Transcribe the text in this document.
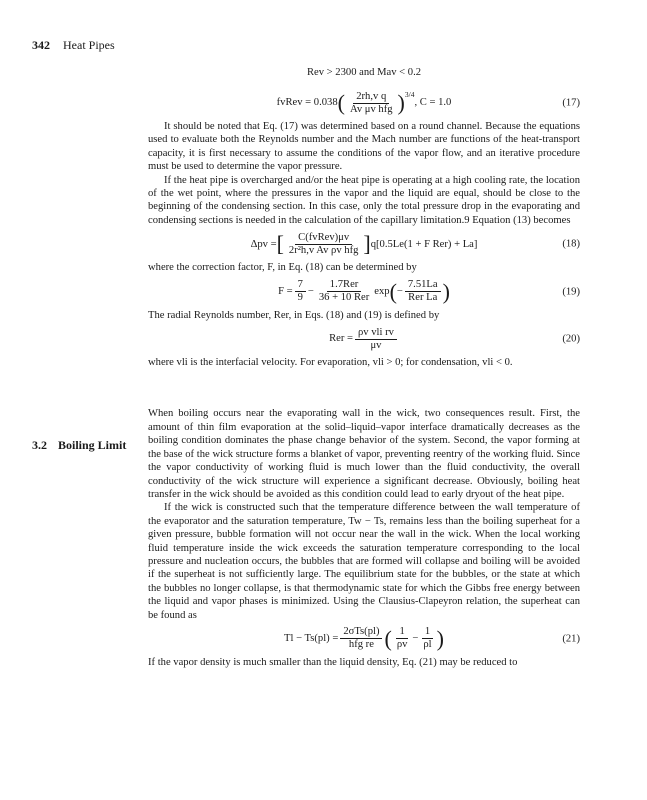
342 Heat Pipes
Rev > 2300 and Mav < 0.2
fvRev = 0.038 ( $\frac{\text{2rh,v q}}{\text{Av μv hfg}} )^{3/4}$
, C = 1.0	(17)

It should be noted that Eq. (17) was determined based on a round channel. Because the equations used to evaluate both the Reynolds number and the Mach number are functions of the heat-transport capacity, it is first necessary to assume the conditions of the vapor flow, and an iterative procedure must be used to determine the vapor pressure.

If the heat pipe is overcharged and/or the heat pipe is operating at a high cooling rate, the location of the wet point, where the pressures in the vapor and the liquid are equal, should be close to the beginning of the condensing section. In this case, only the total pressure drop in the evaporating and condensing sections is needed in the calculation of the capillary limitation.9 Equation (13) becomes

Δpv = [ $\frac{\text{C(fvRev)μv}}{\text{2r²h,v Av ρv hfg}}$ ] q[0.5Le(1 + F Rer) + La]	(18)

where the correction factor, F, in Eq. (18) can be determined by

$F = \frac{7}{9} - \frac{\text{1.7Rer}}{\text{36 + 10 Rer}}$ exp ( − $\frac{7.51La}{\text{Rer La}}$ )	(19)

The radial Reynolds number, Rer, in Eqs. (18) and (19) is defined by

Rer = $\frac{\text{ρv vli rv}}{\mu v}$	(20)

where vli is the interfacial velocity. For evaporation, vli > 0; for condensation, vli < 0.

When boiling occurs near the evaporating wall in the wick, two consequences result. First, the amount of thin film evaporation at the solid–liquid–vapor interface dramatically decreases as the boiling condition dominates the phase change behavior of the system. Second, the vapor forming at the base of the wick structure forms a blanket of vapor, preventing reentry of the working fluid. Since the vapor conductivity of working fluid is much lower than the fluid conductivity, the overall conductivity of the wick structure will experience a significant decrease. Obviously, boiling heat transfer in the wick should be avoided as this condition could lead to early dryout of the heat pipe.

If the wick is constructed such that the temperature difference between the wall temperature of the evaporator and the saturation temperature, Tw − Ts, remains less than the boiling superheat for a given pressure, bubble formation will not occur near the wall in the wick. When the local working fluid temperature inside the wick exceeds the saturation temperature corresponding to the local pressure and nucleation occurs, the bubbles that are formed will collapse and boiling will be avoided if the superheat is not sufficiently large. The equilibrium state for the bubbles, or the state at which the bubbles no longer collapse, is that thermodynamic state for which the Gibbs free energy between the liquid and vapor phases is minimized. Using the Clausius-Clapeyron relation, the superheat can be found as

$Tl - Ts(pl) = \frac{\text{2σTs(pl)}}{\text{hfg re}}$ ( $\frac{1}{\rho v} - \frac{1}{\rho l}$ )	(21)

If the vapor density is much smaller than the liquid density, Eq. (21) may be reduced to

3.2 Boiling Limit
